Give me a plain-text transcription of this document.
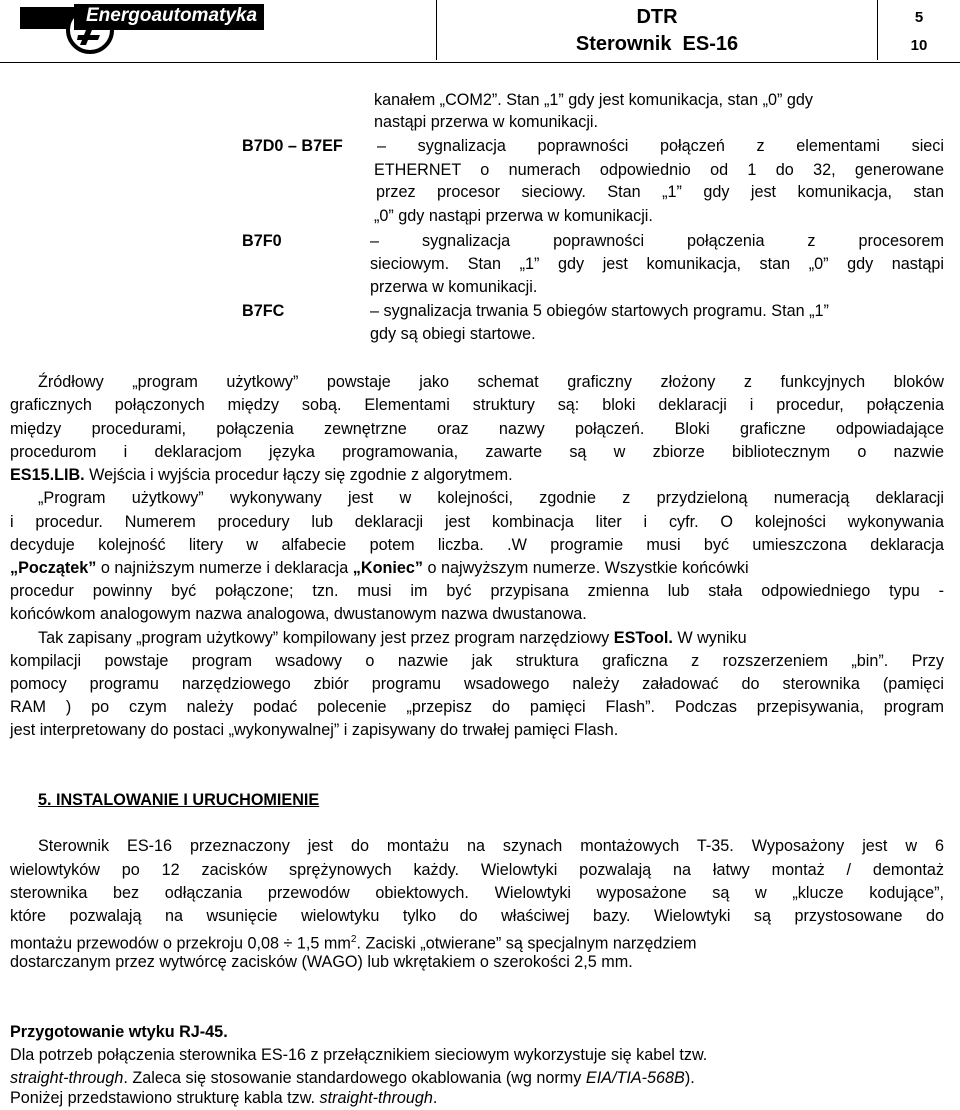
Energoautomatyka	DTR
Sterownik  ES-16
5
10
kanałem „COM2”. Stan „1” gdy jest komunikacja, stan „0” gdy
nastąpi przerwa w komunikacji.
B7D0 – B7EF – sygnalizacja poprawności połączeń z elementami sieci
ETHERNET o numerach odpowiednio od 1 do 32, generowane
przez procesor sieciowy. Stan „1” gdy jest komunikacja, stan
„0” gdy nastąpi przerwa w komunikacji.
B7F0	– sygnalizacja poprawności połączenia z procesorem
sieciowym. Stan „1” gdy jest komunikacja, stan „0” gdy nastąpi
przerwa w komunikacji.
B7FC	– sygnalizacja trwania 5 obiegów startowych programu. Stan „1”
gdy są obiegi startowe.
Źródłowy „program użytkowy” powstaje jako schemat graficzny złożony z funkcyjnych bloków
graficznych połączonych między sobą. Elementami struktury są: bloki deklaracji i procedur, połączenia
między procedurami, połączenia zewnętrzne oraz nazwy połączeń. Bloki graficzne odpowiadające
procedurom i deklaracjom języka programowania, zawarte są w zbiorze bibliotecznym o nazwie
ES15.LIB. Wejścia i wyjścia procedur łączy się zgodnie z algorytmem.
„Program użytkowy” wykonywany jest w kolejności, zgodnie z przydzieloną numeracją deklaracji
i procedur. Numerem procedury lub deklaracji jest kombinacja liter i cyfr. O kolejności wykonywania
decyduje kolejność litery w alfabecie potem liczba. .W programie musi być umieszczona deklaracja
„Początek” o najniższym numerze i deklaracja „Koniec” o najwyższym numerze. Wszystkie końcówki
procedur powinny być połączone; tzn. musi im być przypisana zmienna lub stała odpowiedniego typu -
końcówkom analogowym nazwa analogowa, dwustanowym nazwa dwustanowa.
Tak zapisany „program użytkowy” kompilowany jest przez program narzędziowy ESTool. W wyniku
kompilacji powstaje program wsadowy o nazwie jak struktura graficzna z rozszerzeniem „bin”. Przy
pomocy programu narzędziowego zbiór programu wsadowego należy załadować do sterownika (pamięci
RAM ) po czym należy podać polecenie „przepisz do pamięci Flash”. Podczas przepisywania, program
jest interpretowany do postaci „wykonywalnej” i zapisywany do trwałej pamięci Flash.
5. INSTALOWANIE I URUCHOMIENIE
Sterownik ES-16 przeznaczony jest do montażu na szynach montażowych T-35. Wyposażony jest w 6
wielowtyków po 12 zacisków sprężynowych każdy. Wielowtyki pozwalają na łatwy montaż / demontaż
sterownika bez odłączania przewodów obiektowych. Wielowtyki wyposażone są w „klucze kodujące”,
które pozwalają na wsunięcie wielowtyku tylko do właściwej bazy. Wielowtyki są przystosowane do
montażu przewodów o przekroju 0,08 ÷ 1,5 $mm^2$. Zaciski „otwierane” są specjalnym narzędziem
dostarczanym przez wytwórcę zacisków (WAGO) lub wkrętakiem o szerokości 2,5 mm.
Przygotowanie wtyku RJ-45.
Dla potrzeb połączenia sterownika ES-16 z przełącznikiem sieciowym wykorzystuje się kabel tzw.
straight-through. Zaleca się stosowanie standardowego okablowania (wg normy EIA/TIA-568B).
Poniżej przedstawiono strukturę kabla tzw. straight-through.
